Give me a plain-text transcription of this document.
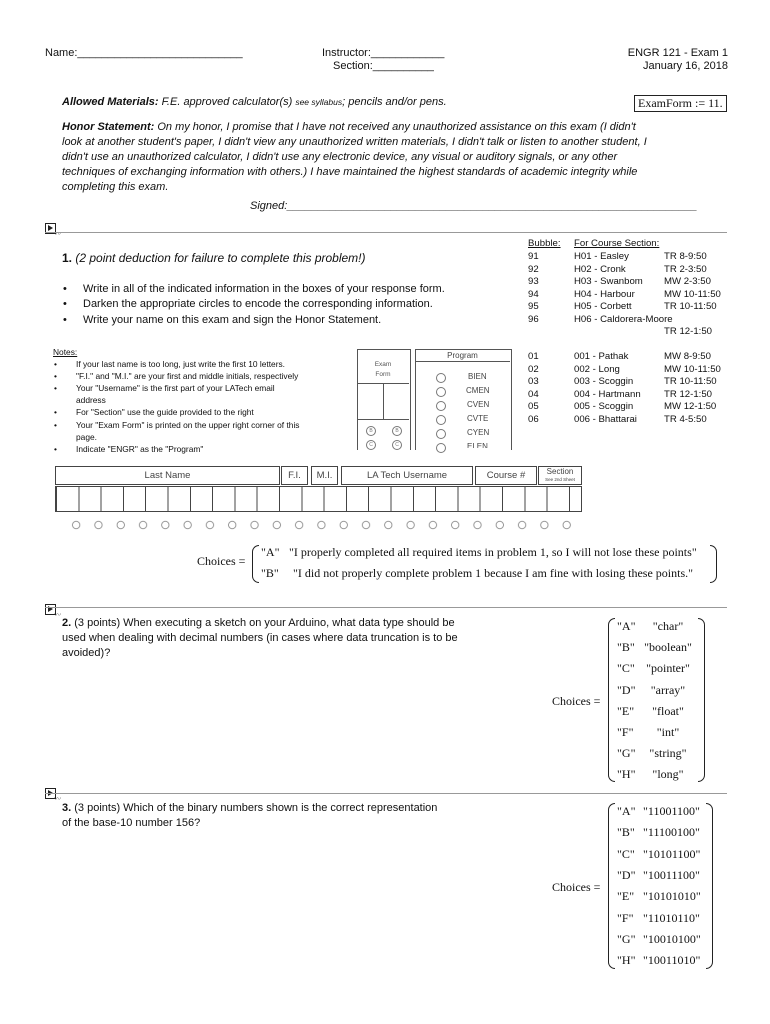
Name:___________________________	Instructor:____________
Section:__________
ENGR 121 - Exam 1
January 16, 2018
Allowed Materials: F.E. approved calculator(s) see syllabus; pencils and/or pens.	ExamForm := 11.
Honor Statement: On my honor, I promise that I have not received any unauthorized assistance on this exam (I didn't
look at another student's paper, I didn't view any unauthorized written materials, I didn't talk or listen to another student, I
didn't use an unauthorized calculator, I didn't use any electronic device, any visual or auditory signals, or any other
techniques of exchanging information with others.) I have maintained the highest standards of academic integrity while
completing this exam.
Signed:___________________________________________________________________
〰
1. (2 point deduction for failure to complete this problem!)
• Write in all of the indicated information in the boxes of your response form.
• Darken the appropriate circles to encode the corresponding information.
• Write your name on this exam and sign the Honor Statement.
Notes:
• If your last name is too long, just write the first 10 letters.
• "F.I." and "M.I." are your first and middle initials, respectively
• Your "Username" is the first part of your LATech email
address
• For "Section" use the guide provided to the right
• Your "Exam Form" is printed on the upper right corner of this
page.
• Indicate "ENGR" as the "Program"
Exam
Form
B	B
C	C
Program
BIEN
CMEN
CVEN
CVTE
CYEN
ELEN
Last Name	F.I.	M.I.	LA Tech Username	Course #	Section
See 2nd Sheet
Bubble: For Course Section:
91	H01 - Easley	TR 8-9:50
92	H02 - Cronk	TR 2-3:50
93	H03 - Swanbom MW 2-3:50
94	H04 - Harbour	MW 10-11:50
95	H05 - Corbett	TR 10-11:50
96	H06 - Caldorera-Moore
TR 12-1:50
01	001 - Pathak	MW 8-9:50
02	002 - Long	MW 10-11:50
03	003 - Scoggin	TR 10-11:50
04	004 - Hartmann TR 12-1:50
05	005 - Scoggin	MW 12-1:50
06	006 - Bhattarai	TR 4-5:50
Choices =
"A" "I properly completed all required items in problem 1, so I will not lose these points"
"B" "I did not properly complete problem 1 because I am fine with losing these points."
〰
2. (3 points) When executing a sketch on your Arduino, what data type should be
used when dealing with decimal numbers (in cases where data truncation is to be
avoided)?
Choices =
"A"	"char"
"B" "boolean"
"C" "pointer"
"D"	"array"
"E"	"float"
"F"	"int"
"G"	"string"
"H"	"long"
〰
3. (3 points) Which of the binary numbers shown is the correct representation
of the base-10 number 156?
Choices =
"A" "11001100"
"B" "11100100"
"C" "10101100"
"D" "10011100"
"E" "10101010"
"F" "11010110"
"G" "10010100"
"H" "10011010"
